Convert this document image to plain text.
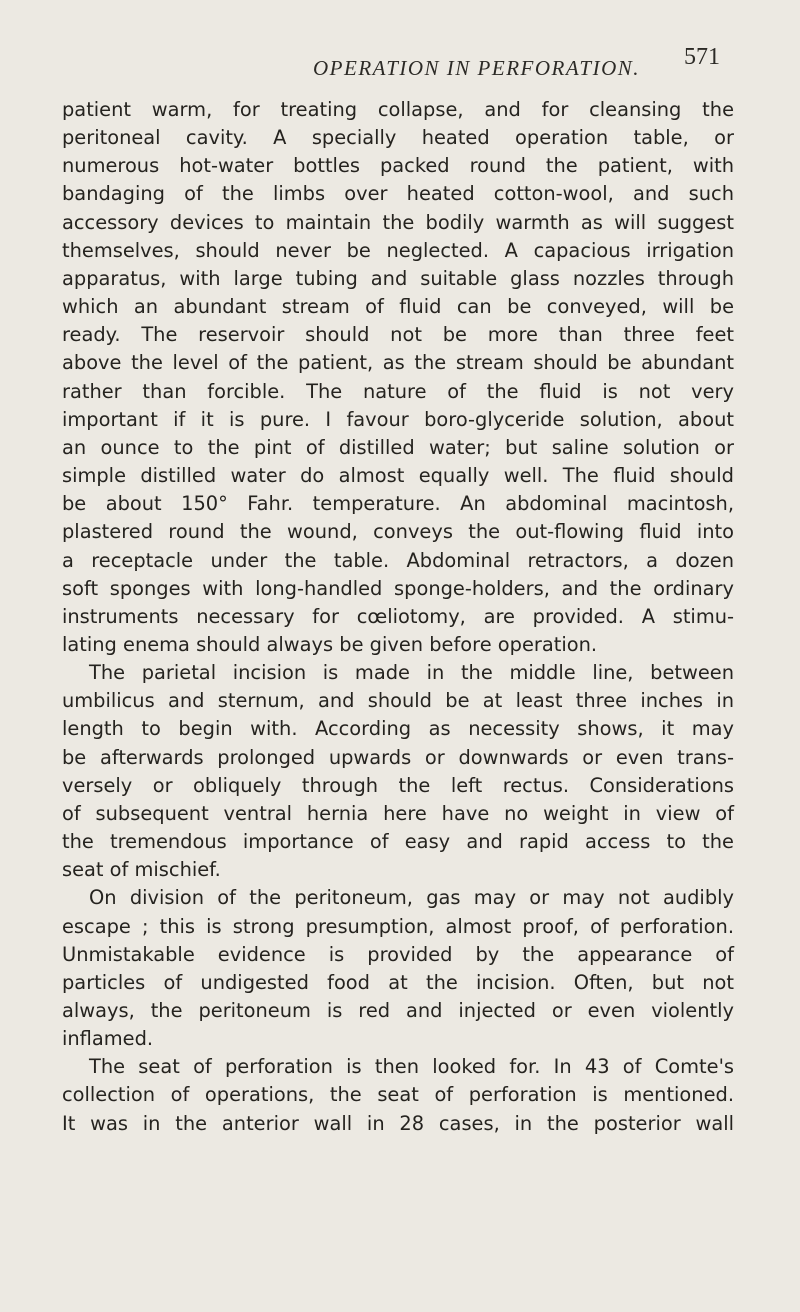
OPERATION IN PERFORATION. 571
patient warm, for treating collapse, and for cleansing the
peritoneal cavity. A specially heated operation table, or
numerous hot-water bottles packed round the patient, with
bandaging of the limbs over heated cotton-wool, and such
accessory devices to maintain the bodily warmth as will suggest
themselves, should never be neglected. A capacious irrigation
apparatus, with large tubing and suitable glass nozzles through
which an abundant stream of fluid can be conveyed, will be
ready. The reservoir should not be more than three feet
above the level of the patient, as the stream should be abundant
rather than forcible. The nature of the fluid is not very
important if it is pure. I favour boro-glyceride solution, about
an ounce to the pint of distilled water; but saline solution or
simple distilled water do almost equally well. The fluid should
be about 150° Fahr. temperature. An abdominal macintosh,
plastered round the wound, conveys the out-flowing fluid into
a receptacle under the table. Abdominal retractors, a dozen
soft sponges with long-handled sponge-holders, and the ordinary
instruments necessary for cœliotomy, are provided. A stimu-
lating enema should always be given before operation.
The parietal incision is made in the middle line, between
umbilicus and sternum, and should be at least three inches in
length to begin with. According as necessity shows, it may
be afterwards prolonged upwards or downwards or even trans-
versely or obliquely through the left rectus. Considerations
of subsequent ventral hernia here have no weight in view of
the tremendous importance of easy and rapid access to the
seat of mischief.
On division of the peritoneum, gas may or may not audibly
escape ; this is strong presumption, almost proof, of perforation.
Unmistakable evidence is provided by the appearance of
particles of undigested food at the incision. Often, but not
always, the peritoneum is red and injected or even violently
inflamed.
The seat of perforation is then looked for. In 43 of Comte's
collection of operations, the seat of perforation is mentioned.
It was in the anterior wall in 28 cases, in the posterior wall
